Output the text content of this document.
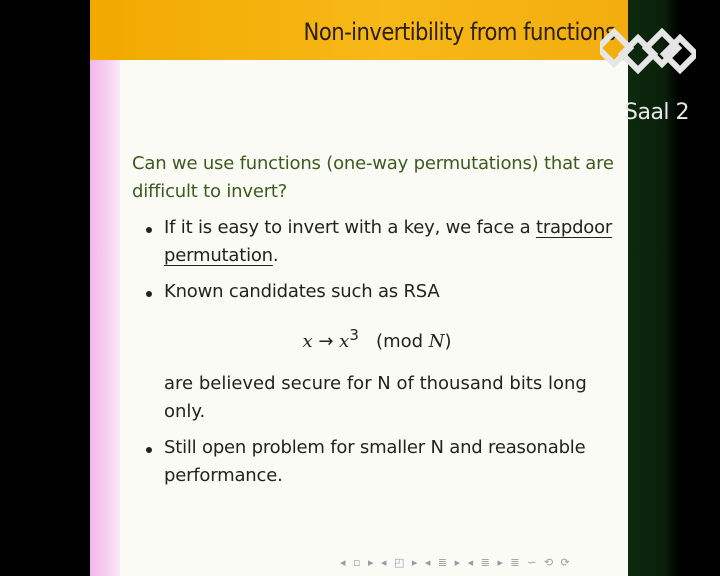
Non-invertibility from functions
Can we use functions (one-way permutations) that are difficult to invert?
If it is easy to invert with a key, we face a trapdoor permutation.
Known candidates such as RSA
$x \to x^3$ (mod N)
are believed secure for N of thousand bits long only.
Still open problem for smaller N and reasonable performance.
◂ ▫ ▸ ◂ ◰ ▸ ◂ ≣ ▸ ◂ ≣ ▸ ≣ ∽ ⟲ ⟳
Saal 2
